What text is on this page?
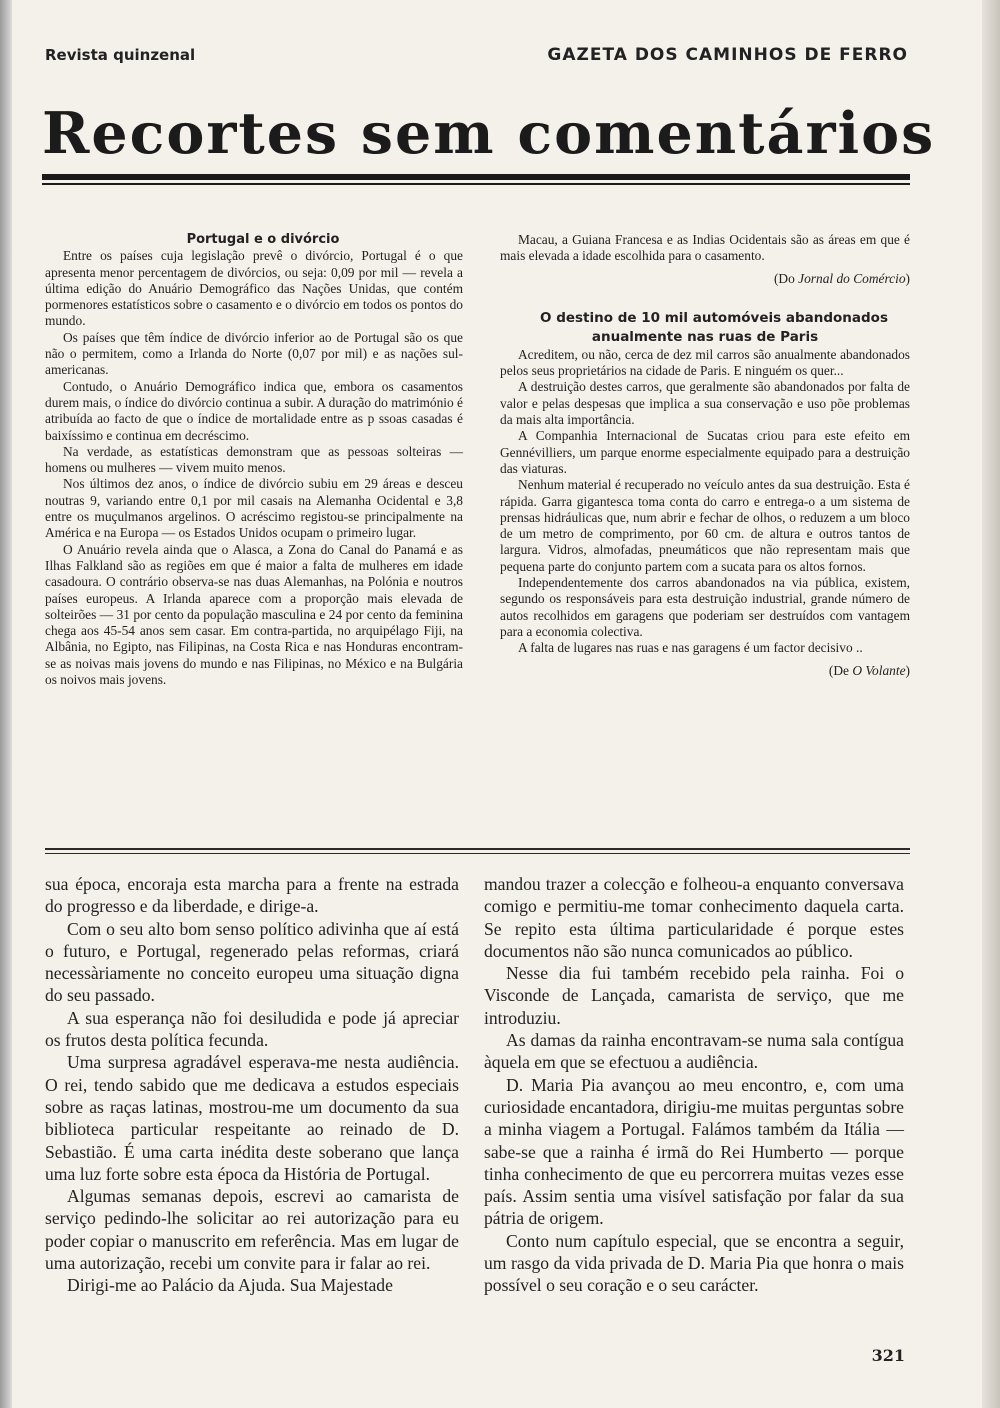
Revista quinzenal	GAZETA DOS CAMINHOS DE FERRO
Recortes sem comentários

Portugal e o divórcio

Entre os países cuja legislação prevê o divórcio, Portugal é o que apresenta menor percentagem de divórcios, ou seja: 0,09 por mil — revela a última edição do Anuário Demográfico das Nações Unidas, que contém pormenores estatísticos sobre o casamento e o divórcio em todos os pontos do mundo.

Os países que têm índice de divórcio inferior ao de Portugal são os que não o permitem, como a Irlanda do Norte (0,07 por mil) e as nações sul-americanas.

Contudo, o Anuário Demográfico indica que, embora os casamentos durem mais, o índice do divórcio continua a subir. A duração do matrimónio é atribuída ao facto de que o índice de mortalidade entre as p ssoas casadas é baixíssimo e continua em decréscimo.

Na verdade, as estatísticas demonstram que as pessoas solteiras — homens ou mulheres — vivem muito menos.

Nos últimos dez anos, o índice de divórcio subiu em 29 áreas e desceu noutras 9, variando entre 0,1 por mil casais na Alemanha Ocidental e 3,8 entre os muçulmanos argelinos. O acréscimo registou-se principalmente na América e na Europa — os Estados Unidos ocupam o primeiro lugar.

O Anuário revela ainda que o Alasca, a Zona do Canal do Panamá e as Ilhas Falkland são as regiões em que é maior a falta de mulheres em idade casadoura. O contrário observa-se nas duas Alemanhas, na Polónia e noutros países europeus. A Irlanda aparece com a proporção mais elevada de solteirões — 31 por cento da população masculina e 24 por cento da feminina chega aos 45-54 anos sem casar. Em contra-partida, no arquipélago Fiji, na Albânia, no Egipto, nas Filipinas, na Costa Rica e nas Honduras encontram-se as noivas mais jovens do mundo e nas Filipinas, no México e na Bulgária os noivos mais jovens.

Macau, a Guiana Francesa e as Indias Ocidentais são as áreas em que é mais elevada a idade escolhida para o casamento.

(Do Jornal do Comércio)

O destino de 10 mil automóveis abandonados anualmente nas ruas de Paris

Acreditem, ou não, cerca de dez mil carros são anualmente abandonados pelos seus proprietários na cidade de Paris. E ninguém os quer...

A destruição destes carros, que geralmente são abandonados por falta de valor e pelas despesas que implica a sua conservação e uso põe problemas da mais alta importância.

A Companhia Internacional de Sucatas criou para este efeito em Gennévilliers, um parque enorme especialmente equipado para a destruição das viaturas.

Nenhum material é recuperado no veículo antes da sua destruição. Esta é rápida. Garra gigantesca toma conta do carro e entrega-o a um sistema de prensas hidráulicas que, num abrir e fechar de olhos, o reduzem a um bloco de um metro de comprimento, por 60 cm. de altura e outros tantos de largura. Vidros, almofadas, pneumáticos que não representam mais que pequena parte do conjunto partem com a sucata para os altos fornos.

Independentemente dos carros abandonados na via pública, existem, segundo os responsáveis para esta destruição industrial, grande número de autos recolhidos em garagens que poderiam ser destruídos com vantagem para a economia colectiva.

A falta de lugares nas ruas e nas garagens é um factor decisivo ..

(De O Volante)

sua época, encoraja esta marcha para a frente na estrada do progresso e da liberdade, e dirige-a.

Com o seu alto bom senso político adivinha que aí está o futuro, e Portugal, regenerado pelas reformas, criará necessàriamente no conceito europeu uma situação digna do seu passado.

A sua esperança não foi desiludida e pode já apreciar os frutos desta política fecunda.

Uma surpresa agradável esperava-me nesta audiência. O rei, tendo sabido que me dedicava a estudos especiais sobre as raças latinas, mostrou-me um documento da sua biblioteca particular respeitante ao reinado de D. Sebastião. É uma carta inédita deste soberano que lança uma luz forte sobre esta época da História de Portugal.

Algumas semanas depois, escrevi ao camarista de serviço pedindo-lhe solicitar ao rei autorização para eu poder copiar o manuscrito em referência. Mas em lugar de uma autorização, recebi um convite para ir falar ao rei.

Dirigi-me ao Palácio da Ajuda. Sua Majestade

mandou trazer a colecção e folheou-a enquanto conversava comigo e permitiu-me tomar conhecimento daquela carta. Se repito esta última particularidade é porque estes documentos não são nunca comunicados ao público.

Nesse dia fui também recebido pela rainha. Foi o Visconde de Lançada, camarista de serviço, que me introduziu.

As damas da rainha encontravam-se numa sala contígua àquela em que se efectuou a audiência.

D. Maria Pia avançou ao meu encontro, e, com uma curiosidade encantadora, dirigiu-me muitas perguntas sobre a minha viagem a Portugal. Falámos também da Itália — sabe-se que a rainha é irmã do Rei Humberto — porque tinha conhecimento de que eu percorrera muitas vezes esse país. Assim sentia uma visível satisfação por falar da sua pátria de origem.

Conto num capítulo especial, que se encontra a seguir, um rasgo da vida privada de D. Maria Pia que honra o mais possível o seu coração e o seu carácter.

321
